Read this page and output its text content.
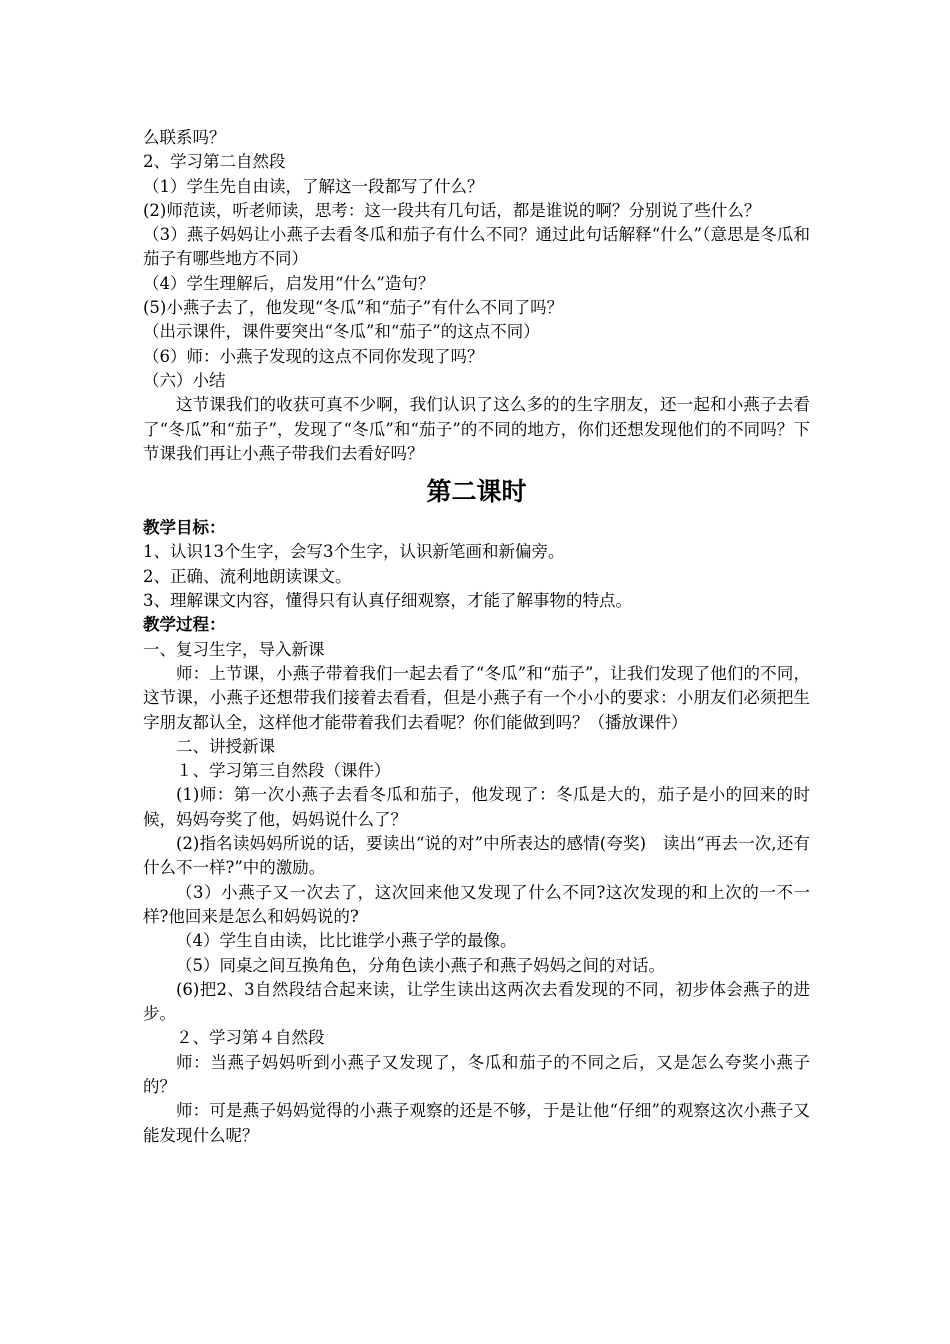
么联系吗？

2、学习第二自然段

（1）学生先自由读，了解这一段都写了什么？

(2)师范读，听老师读，思考：这一段共有几句话，都是谁说的啊？分别说了些什么？

（3）燕子妈妈让小燕子去看冬瓜和茄子有什么不同？通过此句话解释“什么”（意思是冬瓜和茄子有哪些地方不同）

（4）学生理解后，启发用“什么”造句？

(5)小燕子去了，他发现“冬瓜”和“茄子”有什么不同了吗？

（出示课件，课件要突出“冬瓜”和“茄子”的这点不同）

（6）师：小燕子发现的这点不同你发现了吗？

（六）小结

这节课我们的收获可真不少啊，我们认识了这么多的的生字朋友，还一起和小燕子去看了“冬瓜”和“茄子”，发现了“冬瓜”和“茄子”的不同的地方，你们还想发现他们的不同吗？下节课我们再让小燕子带我们去看好吗？

第二课时

教学目标：

1、认识13个生字，会写3个生字，认识新笔画和新偏旁。

2、正确、流利地朗读课文。

3、理解课文内容，懂得只有认真仔细观察，才能了解事物的特点。

教学过程：

一、复习生字，导入新课

师：上节课，小燕子带着我们一起去看了“冬瓜”和“茄子”，让我们发现了他们的不同，这节课，小燕子还想带我们接着去看看，但是小燕子有一个小小的要求：小朋友们必须把生字朋友都认全，这样他才能带着我们去看呢？你们能做到吗？（播放课件）

二、讲授新课

１、学习第三自然段（课件）

(1)师：第一次小燕子去看冬瓜和茄子，他发现了：冬瓜是大的，茄子是小的回来的时候，妈妈夸奖了他，妈妈说什么了？

(2)指名读妈妈所说的话，要读出“说的对”中所表达的感情(夸奖)　读出“再去一次,还有什么不一样?”中的激励。

（3）小燕子又一次去了，这次回来他又发现了什么不同?这次发现的和上次的一不一样?他回来是怎么和妈妈说的?

（4）学生自由读，比比谁学小燕子学的最像。

（5）同桌之间互换角色，分角色读小燕子和燕子妈妈之间的对话。

(6)把2、3自然段结合起来读，让学生读出这两次去看发现的不同，初步体会燕子的进步。

２、学习第４自然段

师：当燕子妈妈听到小燕子又发现了，冬瓜和茄子的不同之后，又是怎么夸奖小燕子的？

师：可是燕子妈妈觉得的小燕子观察的还是不够，于是让他“仔细”的观察这次小燕子又能发现什么呢？
